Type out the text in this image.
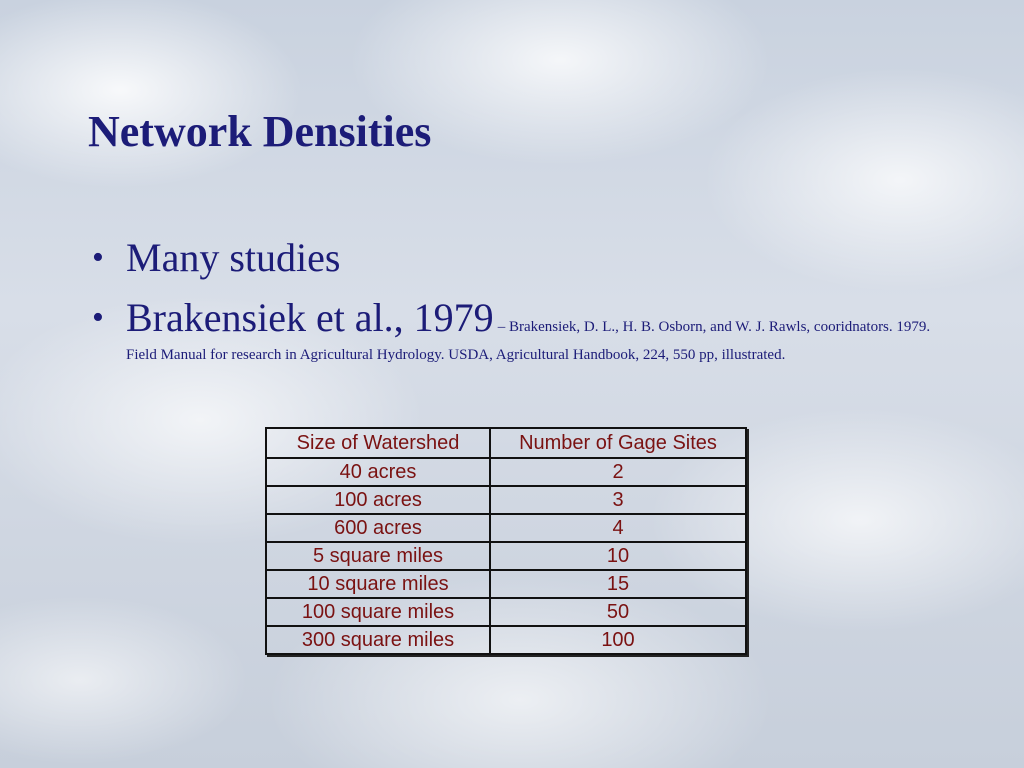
Network Densities
• Many studies
• Brakensiek et al., 1979 – Brakensiek, D. L., H. B. Osborn, and W. J. Rawls, cooridnators. 1979. Field Manual for research in Agricultural Hydrology. USDA, Agricultural Handbook, 224, 550 pp, illustrated.
Size of Watershed	Number of Gage Sites
40 acres	2
100 acres	3
600 acres	4
5 square miles	10
10 square miles	15
100 square miles	50
300 square miles	100
